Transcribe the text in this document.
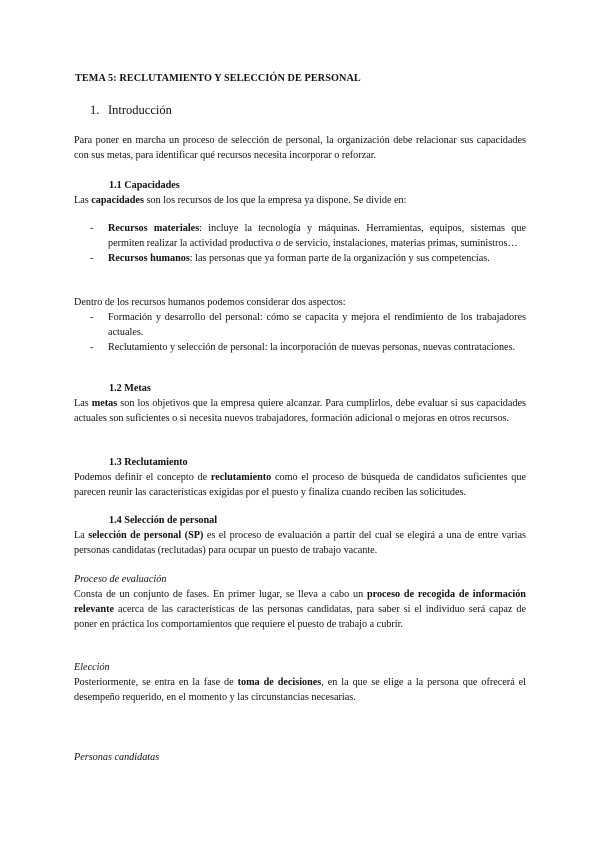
TEMA 5: RECLUTAMIENTO Y SELECCIÓN DE PERSONAL
1. Introducción
Para poner en marcha un proceso de selección de personal, la organización debe relacionar sus capacidades con sus metas, para identificar qué recursos necesita incorporar o reforzar.
1.1 Capacidades
Las capacidades son los recursos de los que la empresa ya dispone. Se divide en:
- Recursos materiales: incluye la tecnología y máquinas. Herramientas, equipos, sistemas que permiten realizar la actividad productiva o de servicio, instalaciones, materias primas, suministros…
- Recursos humanos: las personas que ya forman parte de la organización y sus competencias.
Dentro de los recursos humanos podemos considerar dos aspectos:
- Formación y desarrollo del personal: cómo se capacita y mejora el rendimiento de los trabajadores actuales.
- Reclutamiento y selección de personal: la incorporación de nuevas personas, nuevas contrataciones.
1.2 Metas
Las metas son los objetivos que la empresa quiere alcanzar. Para cumplirlos, debe evaluar si sus capacidades actuales son suficientes o si necesita nuevos trabajadores, formación adicional o mejoras en otros recursos.
1.3 Reclutamiento
Podemos definir el concepto de reclutamiento como el proceso de búsqueda de candidatos suficientes que parecen reunir las características exigidas por el puesto y finaliza cuando reciben las solicitudes.
1.4 Selección de personal
La selección de personal (SP) es el proceso de evaluación a partir del cual se elegirá a una de entre varias personas candidatas (reclutadas) para ocupar un puesto de trabajo vacante.
Proceso de evaluación
Consta de un conjunto de fases. En primer lugar, se lleva a cabo un proceso de recogida de información relevante acerca de las características de las personas candidatas, para saber si el individuo será capaz de poner en práctica los comportamientos que requiere el puesto de trabajo a cubrir.
Elección
Posteriormente, se entra en la fase de toma de decisiones, en la que se elige a la persona que ofrecerá el desempeño requerido, en el momento y las circunstancias necesarias.
Personas candidatas
